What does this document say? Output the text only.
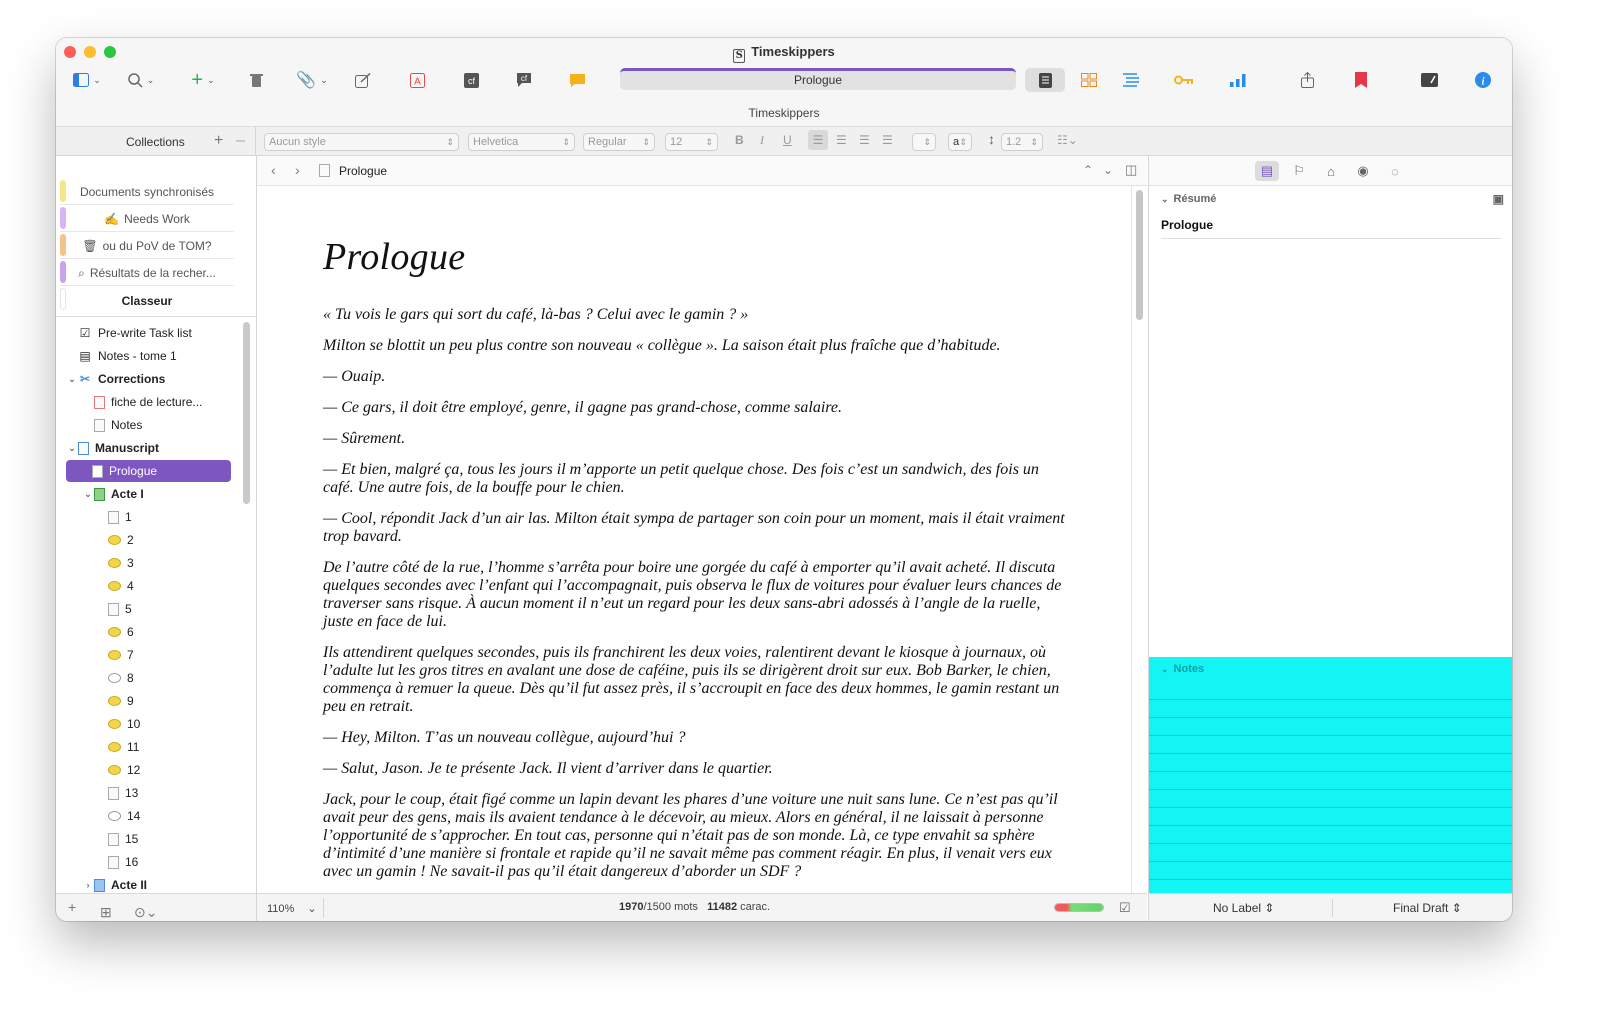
S Timeskippers
⌄	⌄ + ⌄	📎 ⌄	A	cf	cf	Prologue	i
Timeskippers
Collections + –	Aucun style ⇕	Helvetica ⇕	Regular ⇕	12 ⇕	B I U	☰	☰ ☰ ☰
⇕	a ⇕	↕	1.2 ⇕	☷⌄
Documents synchronisés
✍ Needs Work
🗑 ou du PoV de TOM?
⌕ Résultats de la recher...
Classeur
☑ Pre-write Task list
▤ Notes - tome 1
⌄ ✂ Corrections
fiche de lecture...
Notes
⌄ Manuscript
Prologue
⌄ Acte I
1
2
3
4
5
6
7
8
9
10
11
12
13
14
15
16
›	Acte II
+ ⊞ ⊙⌄
‹ ›	Prologue	⌃ ⌄ ◫
Prologue

« Tu vois le gars qui sort du café, là-bas ? Celui avec le gamin ? »

Milton se blottit un peu plus contre son nouveau « collègue ». La saison était plus fraîche que d’habitude.

— Ouaip.

— Ce gars, il doit être employé, genre, il gagne pas grand-chose, comme salaire.

— Sûrement.

— Et bien, malgré ça, tous les jours il m’apporte un petit quelque chose. Des fois c’est un sandwich, des fois un café. Une autre fois, de la bouffe pour le chien.

— Cool, répondit Jack d’un air las. Milton était sympa de partager son coin pour un moment, mais il était vraiment trop bavard.

De l’autre côté de la rue, l’homme s’arrêta pour boire une gorgée du café à emporter qu’il avait acheté. Il discuta quelques secondes avec l’enfant qui l’accompagnait, puis observa le flux de voitures pour évaluer leurs chances de traverser sans risque. À aucun moment il n’eut un regard pour les deux sans-abri adossés à l’angle de la ruelle, juste en face de lui.

Ils attendirent quelques secondes, puis ils franchirent les deux voies, ralentirent devant le kiosque à journaux, où l’adulte lut les gros titres en avalant une dose de caféine, puis ils se dirigèrent droit sur eux. Bob Barker, le chien, commença à remuer la queue. Dès qu’il fut assez près, il s’accroupit en face des deux hommes, le gamin restant un peu en retrait.

— Hey, Milton. T’as un nouveau collègue, aujourd’hui ?

— Salut, Jason. Je te présente Jack. Il vient d’arriver dans le quartier.

Jack, pour le coup, était figé comme un lapin devant les phares d’une voiture une nuit sans lune. Ce n’est pas qu’il avait peur des gens, mais ils avaient tendance à le décevoir, au mieux. Alors en général, il ne laissait à personne l’opportunité de s’approcher. En tout cas, personne qui n’était pas de son monde. Là, ce type envahit sa sphère d’intimité d’une manière si frontale et rapide qu’il ne savait même pas comment réagir. En plus, il venait vers eux avec un gamin ! Ne savait-il pas qu’il était dangereux d’aborder un SDF ?

110% ⌄	1970/1500 mots 11482 carac.	☑
▤ ⚐ ⌂ ◉ ◌
⌄ Résumé	▣
Prologue
⌄ Notes
No Label ⇕	Final Draft ⇕
